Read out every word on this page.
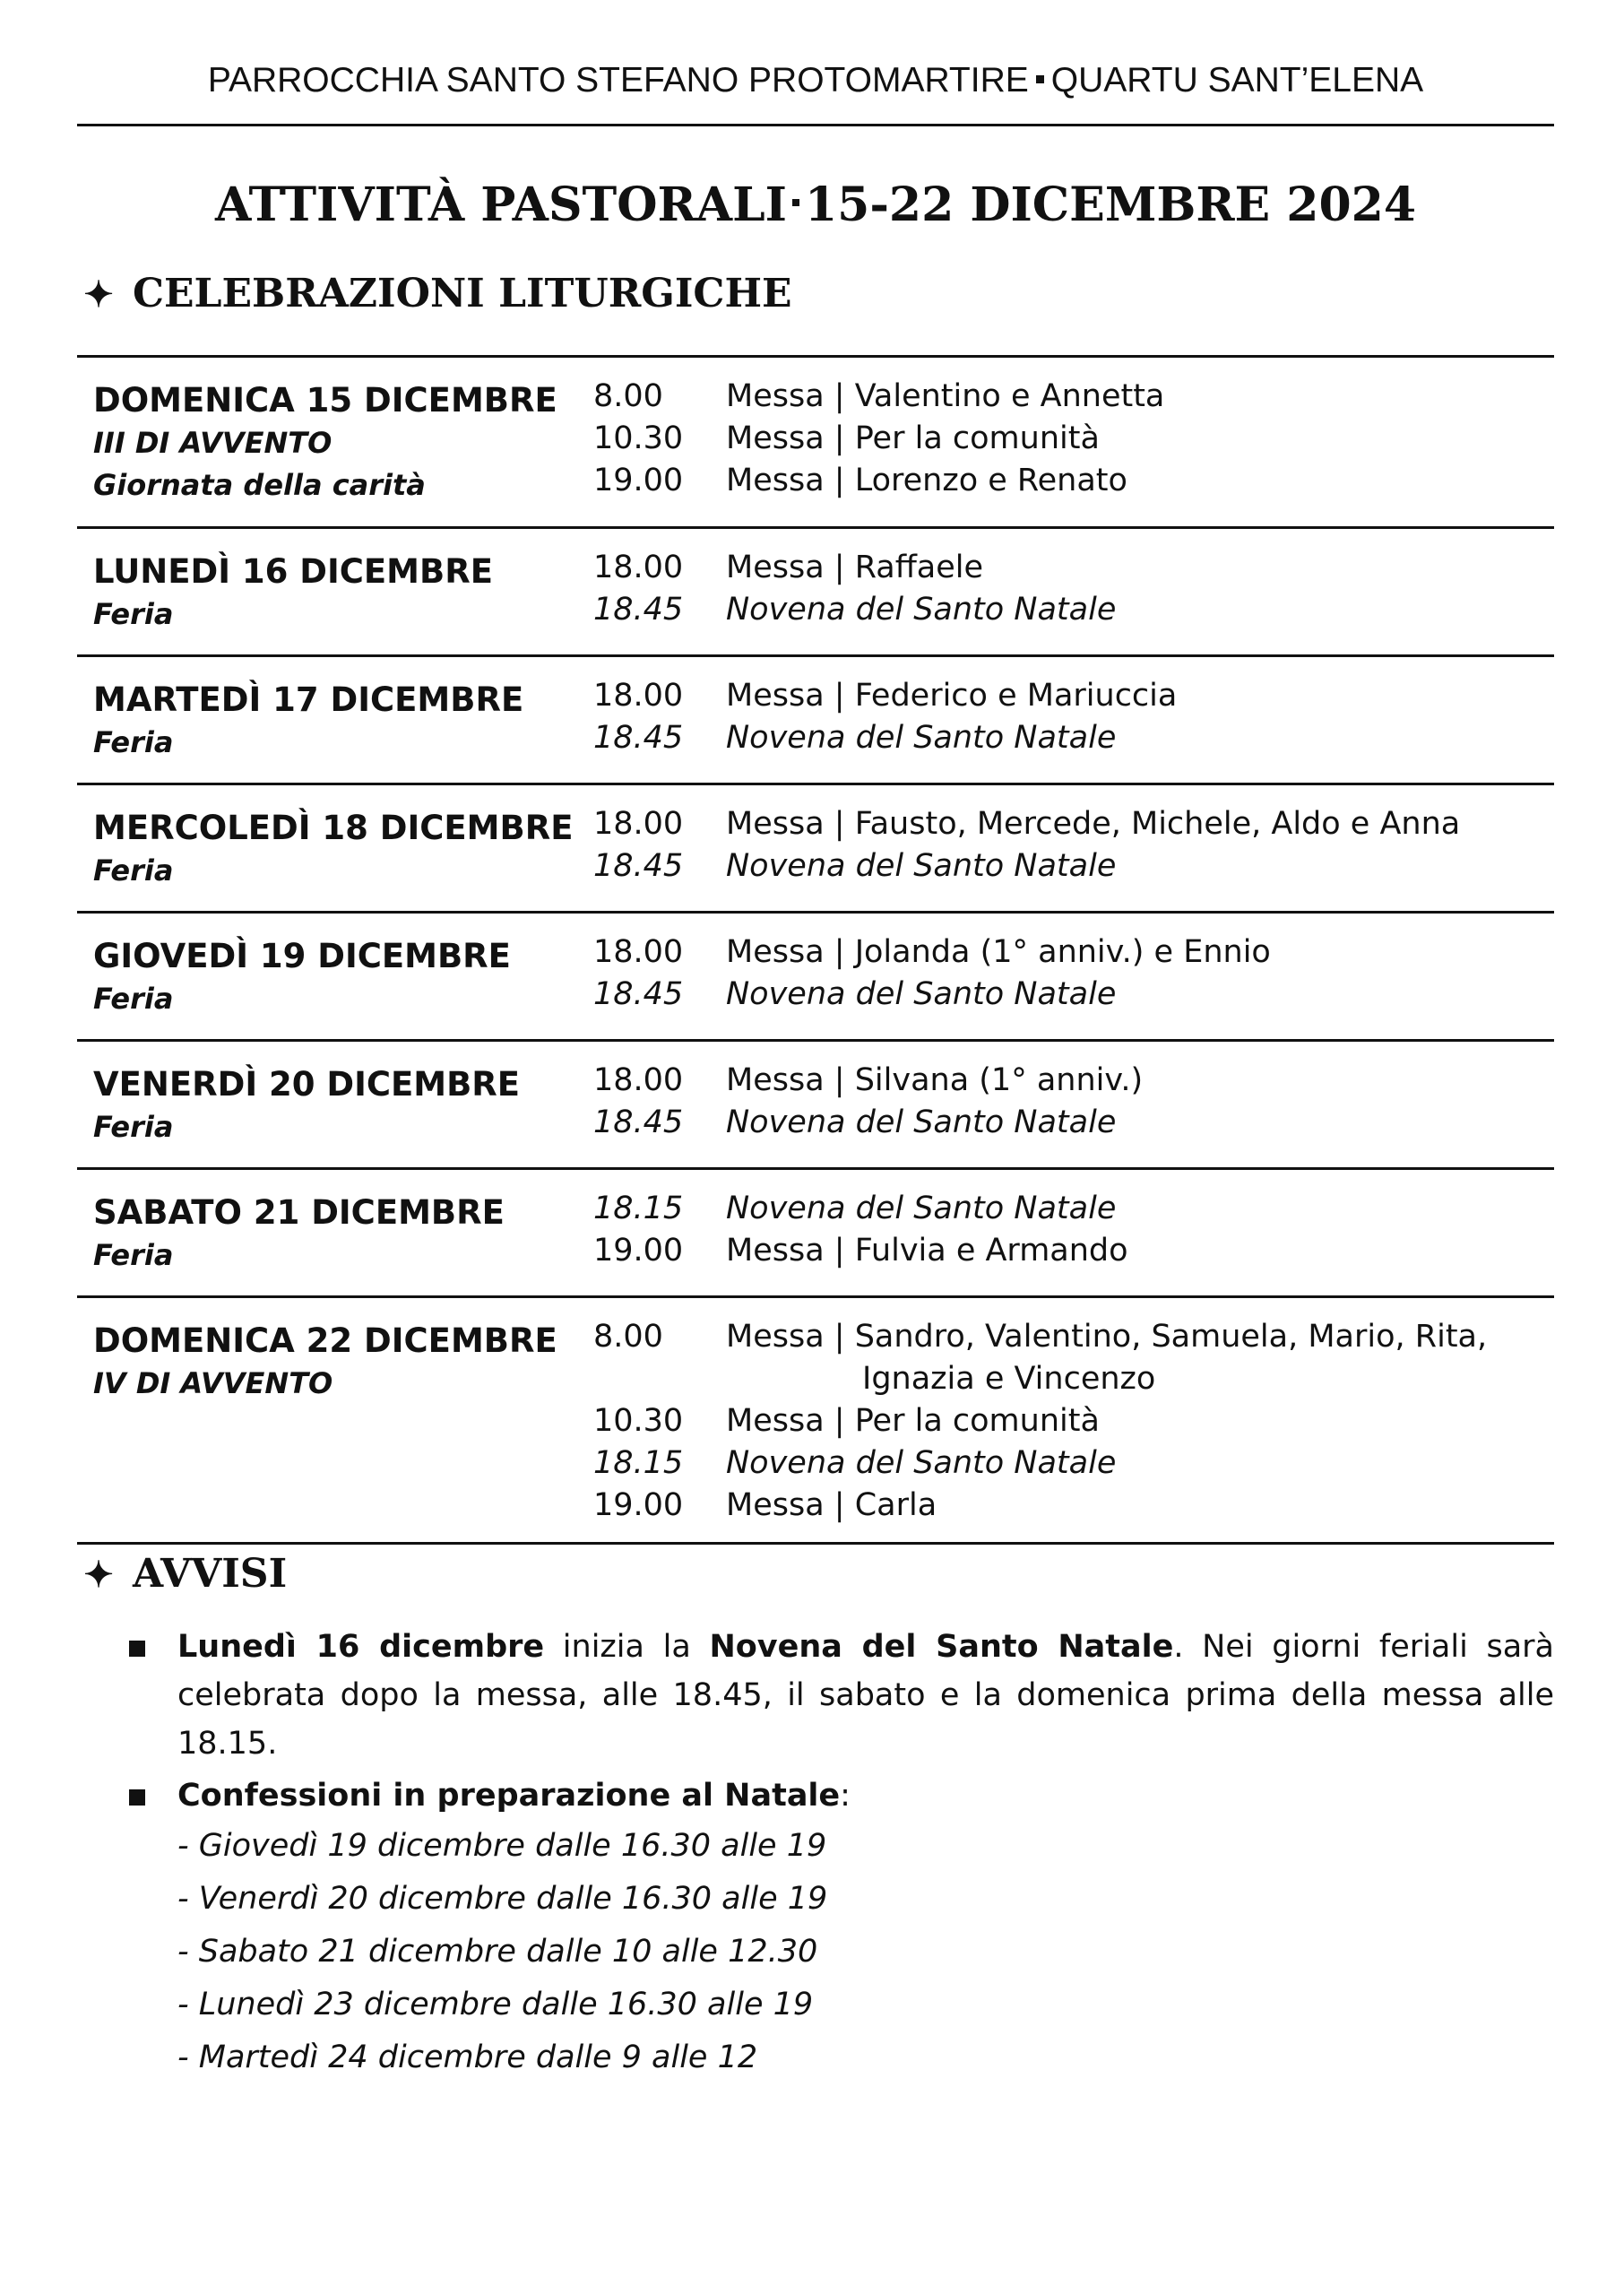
PARROCCHIA SANTO STEFANO PROTOMARTIRE QUARTU SANT’ELENA
ATTIVITÀ PASTORALI 15-22 DICEMBRE 2024
✦ CELEBRAZIONI LITURGICHE
DOMENICA 15 DICEMBRE
III DI AVVENTO
Giornata della carità
8.00	Messa | Valentino e Annetta
10.30	Messa | Per la comunità
19.00	Messa | Lorenzo e Renato
LUNEDÌ 16 DICEMBRE
Feria
18.00	Messa | Raffaele
18.45	Novena del Santo Natale
MARTEDÌ 17 DICEMBRE
Feria
18.00	Messa | Federico e Mariuccia
18.45	Novena del Santo Natale
MERCOLEDÌ 18 DICEMBRE
Feria
18.00	Messa | Fausto, Mercede, Michele, Aldo e Anna
18.45	Novena del Santo Natale
GIOVEDÌ 19 DICEMBRE
Feria
18.00	Messa | Jolanda (1° anniv.) e Ennio
18.45	Novena del Santo Natale
VENERDÌ 20 DICEMBRE
Feria
18.00	Messa | Silvana (1° anniv.)
18.45	Novena del Santo Natale
SABATO 21 DICEMBRE
Feria
18.15	Novena del Santo Natale
19.00	Messa | Fulvia e Armando
DOMENICA 22 DICEMBRE
IV DI AVVENTO
8.00	Messa | Sandro, Valentino, Samuela, Mario, Rita,
Ignazia e Vincenzo
10.30	Messa | Per la comunità
18.15	Novena del Santo Natale
19.00	Messa | Carla
✦ AVVISI

Lunedì 16 dicembre inizia la Novena del Santo Natale. Nei giorni feriali sarà celebrata dopo la messa, alle 18.45, il sabato e la domenica prima della messa alle 18.15.

Confessioni in preparazione al Natale:

- Giovedì 19 dicembre dalle 16.30 alle 19
- Venerdì 20 dicembre dalle 16.30 alle 19
- Sabato 21 dicembre dalle 10 alle 12.30
- Lunedì 23 dicembre dalle 16.30 alle 19
- Martedì 24 dicembre dalle 9 alle 12
